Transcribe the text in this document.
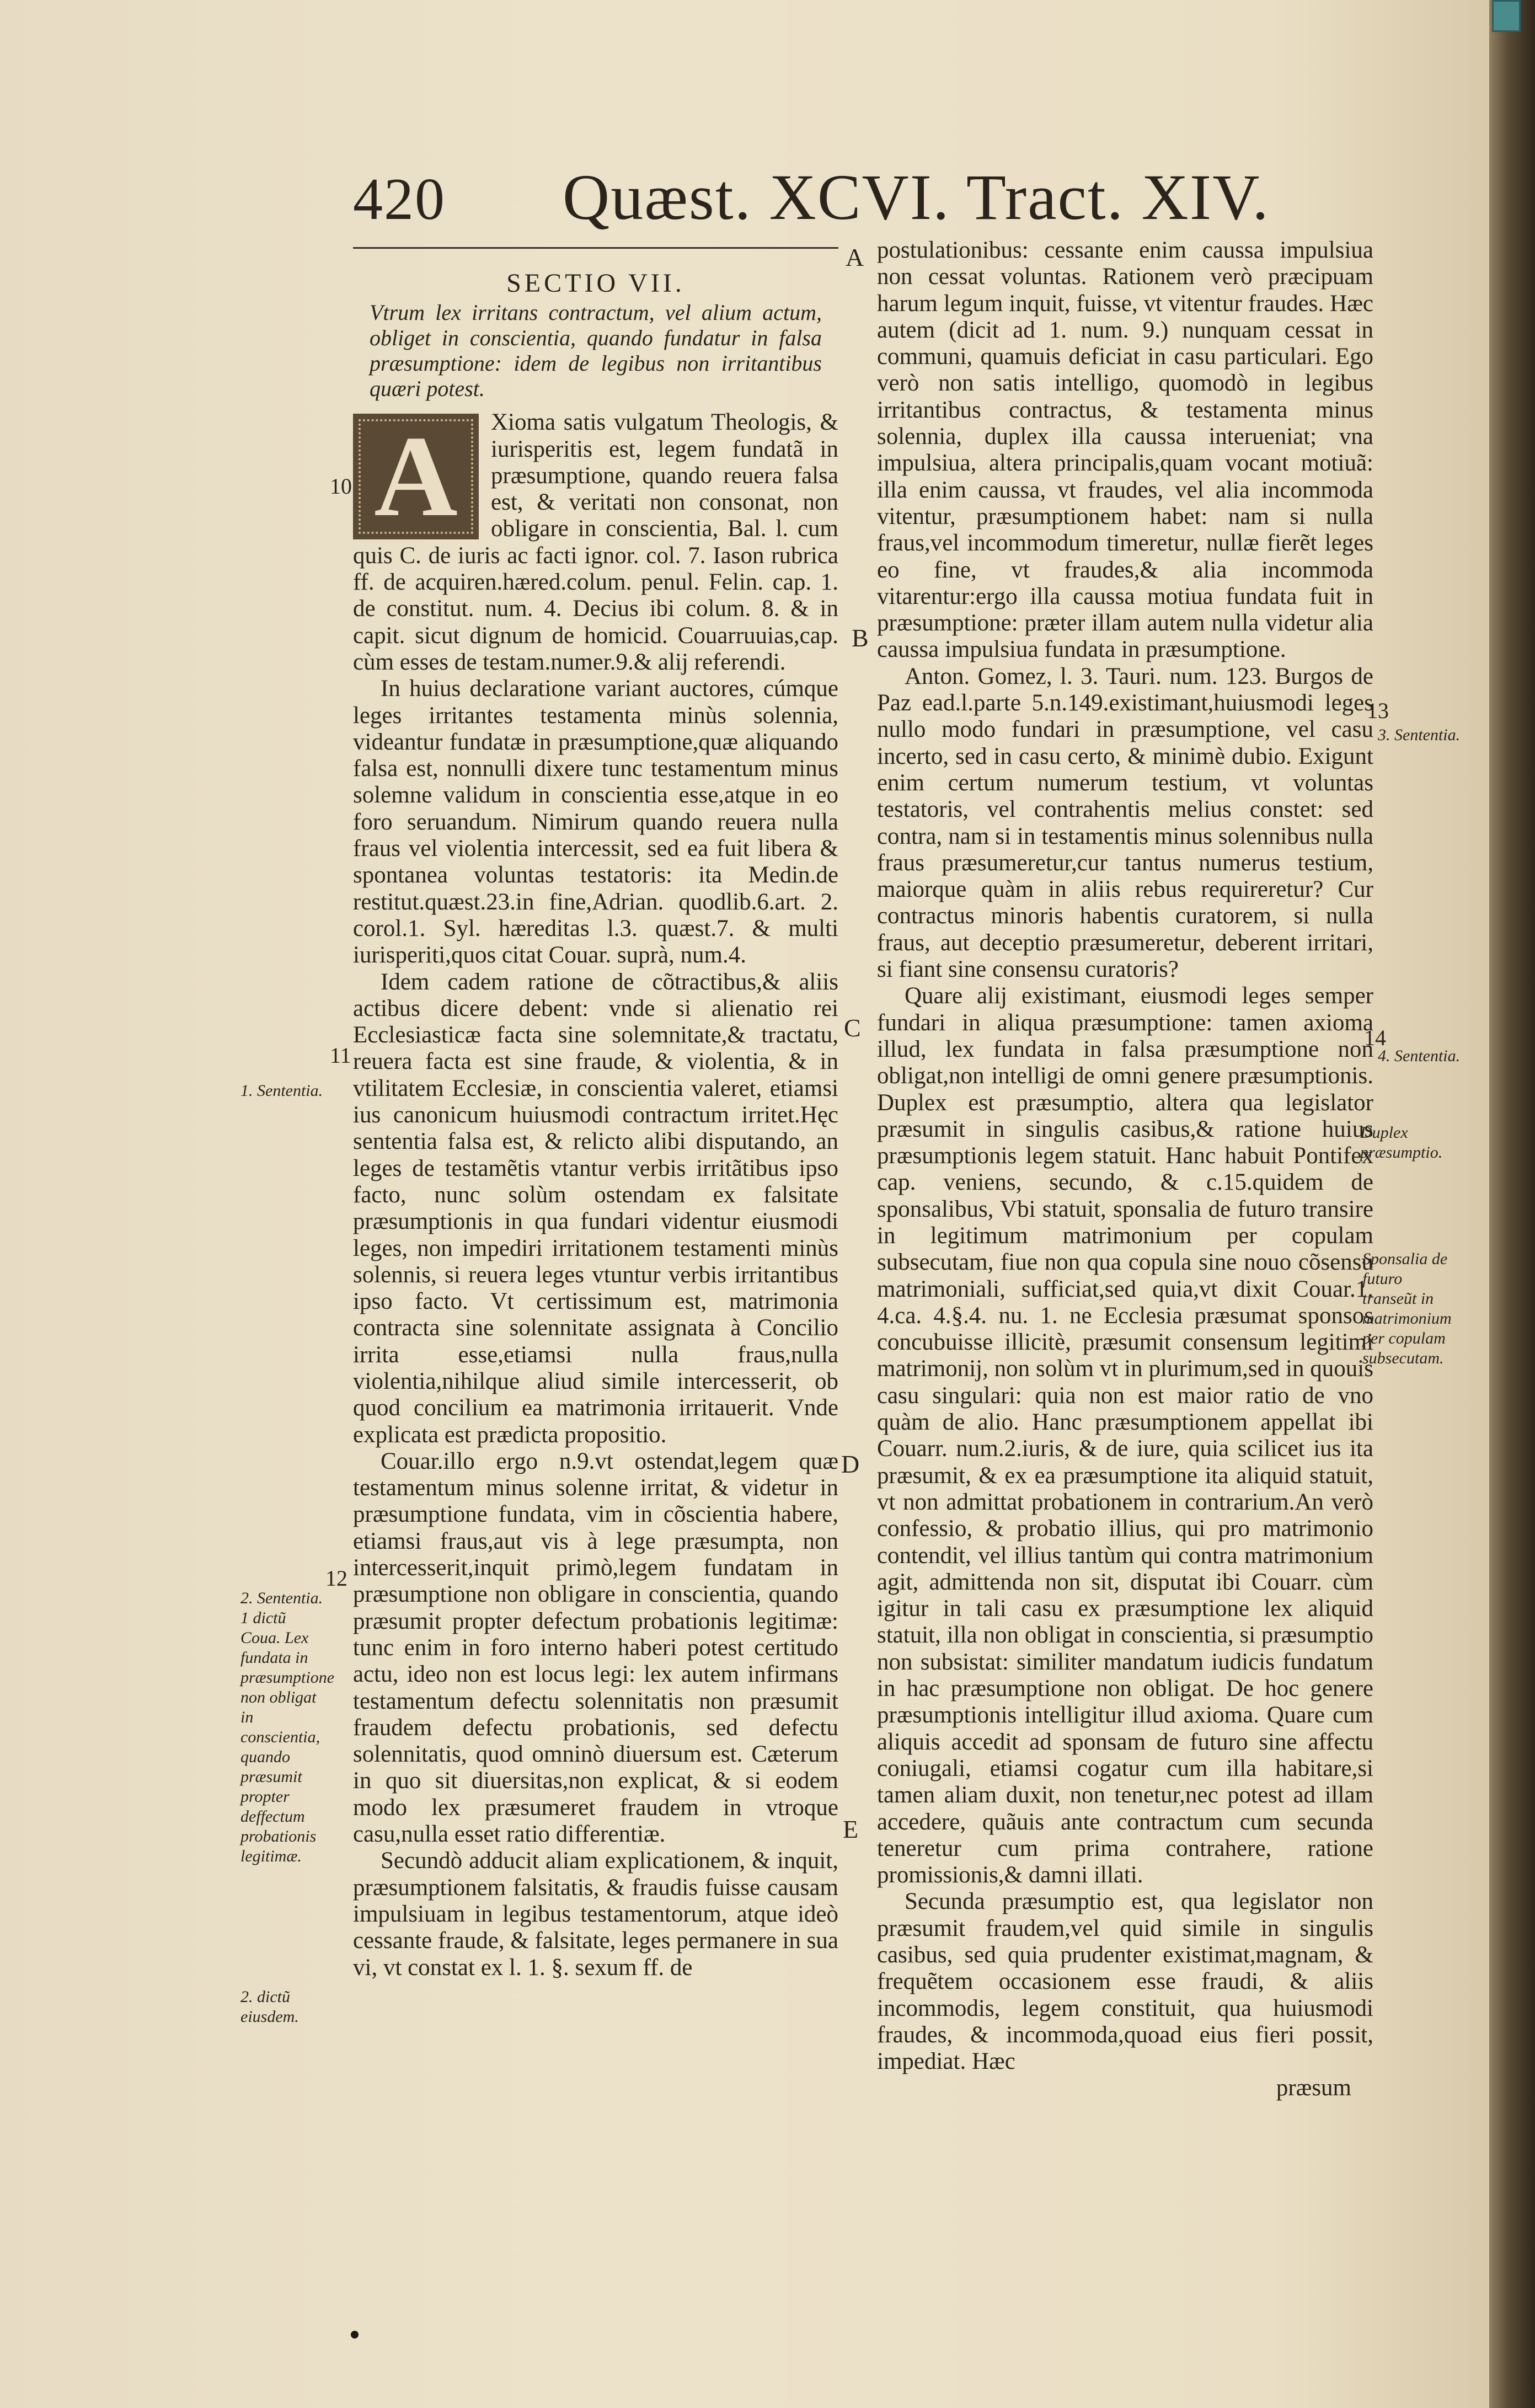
420 Quæst. XCVI. Tract. XIV.

SECTIO VII.

Vtrum lex irritans contractum, vel alium actum, obliget in conscientia, quando fundatur in falsa præsumptione: idem de legibus non irritantibus quæri potest.

A	Xioma satis vulgatum Theologis, & iurisperitis est, legem fundatã in præsumptione, quando reuera falsa est, & veritati non consonat, non obligare in conscientia, Bal. l. cum quis C. de iuris ac facti ignor. col. 7. Iason rubrica ff. de acquiren.hæred.colum. penul. Felin. cap. 1. de constitut. num. 4. Decius ibi colum. 8. & in capit. sicut dignum de homicid. Couarruuias,cap. cùm esses de testam.numer.9.& alij referendi.

In huius declaratione variant auctores, cúmque leges irritantes testamenta minùs solennia, videantur fundatæ in præsumptione,quæ aliquando falsa est, nonnulli dixere tunc testamentum minus solemne validum in conscientia esse,atque in eo foro seruandum. Nimirum quando reuera nulla fraus vel violentia intercessit, sed ea fuit libera & spontanea voluntas testatoris: ita Medin.de restitut.quæst.23.in fine,Adrian. quodlib.6.art. 2. corol.1. Syl. hæreditas l.3. quæst.7. & multi iurisperiti,quos citat Couar. suprà, num.4.

Idem cadem ratione de cõtractibus,& aliis actibus dicere debent: vnde si alienatio rei Ecclesiasticæ facta sine solemnitate,& tractatu, reuera facta est sine fraude, & violentia, & in vtilitatem Ecclesiæ, in conscientia valeret, etiamsi ius canonicum huiusmodi contractum irritet.Hęc sententia falsa est, & relicto alibi disputando, an leges de testamẽtis vtantur verbis irritãtibus ipso facto, nunc solùm ostendam ex falsitate præsumptionis in qua fundari videntur eiusmodi leges, non impediri irritationem testamenti minùs solennis, si reuera leges vtuntur verbis irritantibus ipso facto. Vt certissimum est, matrimonia contracta sine solennitate assignata à Concilio irrita esse,etiamsi nulla fraus,nulla violentia,nihilque aliud simile intercesserit, ob quod concilium ea matrimonia irritauerit. Vnde explicata est prædicta propositio.

Couar.illo ergo n.9.vt ostendat,legem quæ testamentum minus solenne irritat, & videtur in præsumptione fundata, vim in cõscientia habere, etiamsi fraus,aut vis à lege præsumpta, non intercesserit,inquit primò,legem fundatam in præsumptione non obligare in conscientia, quando præsumit propter defectum probationis legitimæ: tunc enim in foro interno haberi potest certitudo actu, ideo non est locus legi: lex autem infirmans testamentum defectu solennitatis non præsumit fraudem defectu probationis, sed defectu solennitatis, quod omninò diuersum est. Cæterum in quo sit diuersitas,non explicat, & si eodem modo lex præsumeret fraudem in vtroque casu,nulla esset ratio differentiæ.

Secundò adducit aliam explicationem, & inquit, præsumptionem falsitatis, & fraudis fuisse causam impulsiuam in legibus testamentorum, atque ideò cessante fraude, & falsitate, leges permanere in sua vi, vt constat ex l. 1. §. sexum ff. de

postulationibus: cessante enim caussa impulsiua non cessat voluntas. Rationem verò præcipuam harum legum inquit, fuisse, vt vitentur fraudes. Hæc autem (dicit ad 1. num. 9.) nunquam cessat in communi, quamuis deficiat in casu particulari. Ego verò non satis intelligo, quomodò in legibus irritantibus contractus, & testamenta minus solennia, duplex illa caussa interueniat; vna impulsiua, altera principalis,quam vocant motiuã: illa enim caussa, vt fraudes, vel alia incommoda vitentur, præsumptionem habet: nam si nulla fraus,vel incommodum timeretur, nullæ fierẽt leges eo fine, vt fraudes,& alia incommoda vitarentur:ergo illa caussa motiua fundata fuit in præsumptione: præter illam autem nulla videtur alia caussa impulsiua fundata in præsumptione.

Anton. Gomez, l. 3. Tauri. num. 123. Burgos de Paz ead.l.parte 5.n.149.existimant,huiusmodi leges nullo modo fundari in præsumptione, vel casu incerto, sed in casu certo, & minimè dubio. Exigunt enim certum numerum testium, vt voluntas testatoris, vel contrahentis melius constet: sed contra, nam si in testamentis minus solennibus nulla fraus præsumeretur,cur tantus numerus testium, maiorque quàm in aliis rebus requireretur? Cur contractus minoris habentis curatorem, si nulla fraus, aut deceptio præsumeretur, deberent irritari, si fiant sine consensu curatoris?

Quare alij existimant, eiusmodi leges semper fundari in aliqua præsumptione: tamen axioma illud, lex fundata in falsa præsumptione non obligat,non intelligi de omni genere præsumptionis. Duplex est præsumptio, altera qua legislator præsumit in singulis casibus,& ratione huius præsumptionis legem statuit. Hanc habuit Pontifex cap. veniens, secundo, & c.15.quidem de sponsalibus, Vbi statuit, sponsalia de futuro transire in legitimum matrimonium per copulam subsecutam, fiue non qua copula sine nouo cõsensu matrimoniali, sufficiat,sed quia,vt dixit Couar.1. 4.ca. 4.§.4. nu. 1. ne Ecclesia præsumat sponsos concubuisse illicitè, præsumit consensum legitimi matrimonij, non solùm vt in plurimum,sed in quouis casu singulari: quia non est maior ratio de vno quàm de alio. Hanc præsumptionem appellat ibi Couarr. num.2.iuris, & de iure, quia scilicet ius ita præsumit, & ex ea præsumptione ita aliquid statuit, vt non admittat probationem in contrarium.An verò confessio, & probatio illius, qui pro matrimonio contendit, vel illius tantùm qui contra matrimonium agit, admittenda non sit, disputat ibi Couarr. cùm igitur in tali casu ex præsumptione lex aliquid statuit, illa non obligat in conscientia, si præsumptio non subsistat: similiter mandatum iudicis fundatum in hac præsumptione non obligat. De hoc genere præsumptionis intelligitur illud axioma. Quare cum aliquis accedit ad sponsam de futuro sine affectu coniugali, etiamsi cogatur cum illa habitare,si tamen aliam duxit, non tenetur,nec potest ad illam accedere, quãuis ante contractum cum secunda teneretur cum prima contrahere, ratione promissionis,& damni illati.

Secunda præsumptio est, qua legislator non præsumit fraudem,vel quid simile in singulis casibus, sed quia prudenter existimat,magnam, & frequẽtem occasionem esse fraudi, & aliis incommodis, legem constituit, qua huiusmodi fraudes, & incommoda,quoad eius fieri possit, impediat. Hæc

præsum

A
B
C
D
E
10
11
12
13
14
1. Sententia.
2. Sententia. 1 dictũ Coua. Lex fundata in præsumptione non obligat in conscientia, quando præsumit propter deffectum probationis legitimæ.
2. dictũ eiusdem.
3. Sententia.
4. Sententia.
Duplex præsumptio.
Sponsalia de futuro transeũt in matrimonium per copulam subsecutam.
